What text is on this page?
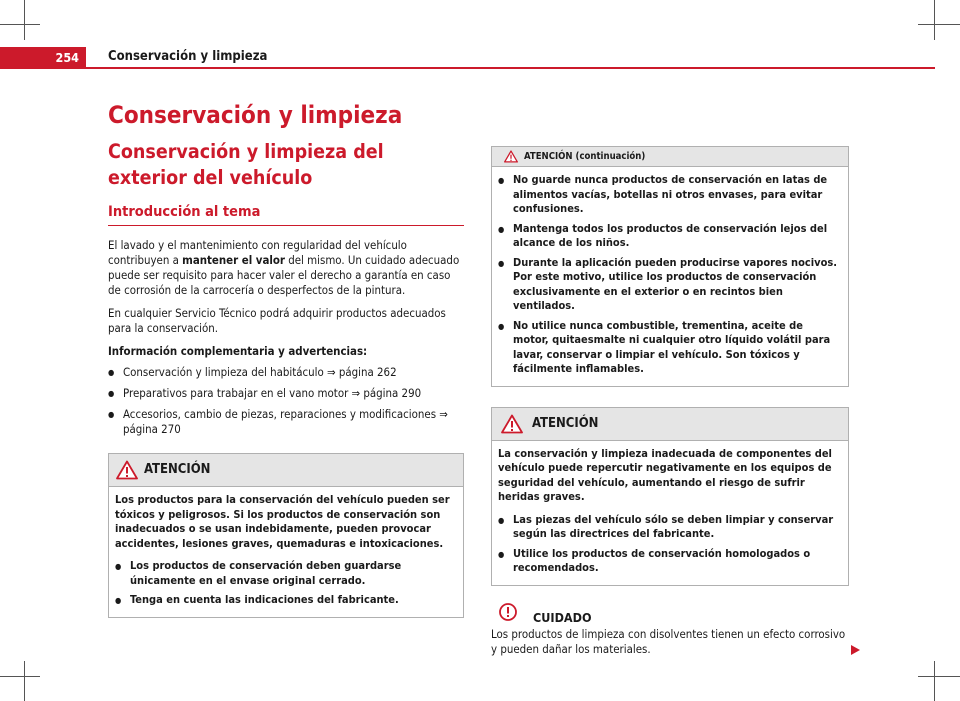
254	Conservación y limpieza
Conservación y limpieza
Conservación y limpieza del exterior del vehículo
Introducción al tema

El lavado y el mantenimiento con regularidad del vehículo contribuyen a mantener el valor del mismo. Un cuidado adecuado puede ser requisito para hacer valer el derecho a garantía en caso de corrosión de la carrocería o desperfectos de la pintura.

En cualquier Servicio Técnico podrá adquirir productos adecuados para la conservación.

Información complementaria y advertencias:

● Conservación y limpieza del habitáculo ⇒ página 262
● Preparativos para trabajar en el vano motor ⇒ página 290
● Accesorios, cambio de piezas, reparaciones y modificaciones ⇒ página 270
ATENCIÓN

Los productos para la conservación del vehículo pueden ser tóxicos y peligrosos. Si los productos de conservación son inadecuados o se usan indebidamente, pueden provocar accidentes, lesiones graves, quemaduras e intoxicaciones.

● Los productos de conservación deben guardarse únicamente en el envase original cerrado.
● Tenga en cuenta las indicaciones del fabricante.
ATENCIÓN (continuación)
● No guarde nunca productos de conservación en latas de alimentos vacías, botellas ni otros envases, para evitar confusiones.
● Mantenga todos los productos de conservación lejos del alcance de los niños.
● Durante la aplicación pueden producirse vapores nocivos. Por este motivo, utilice los productos de conservación exclusivamente en el exterior o en recintos bien ventilados.
● No utilice nunca combustible, trementina, aceite de motor, quitaesmalte ni cualquier otro líquido volátil para lavar, conservar o limpiar el vehículo. Son tóxicos y fácilmente inflamables.
ATENCIÓN

La conservación y limpieza inadecuada de componentes del vehículo puede repercutir negativamente en los equipos de seguridad del vehículo, aumentando el riesgo de sufrir heridas graves.

● Las piezas del vehículo sólo se deben limpiar y conservar según las directrices del fabricante.
● Utilice los productos de conservación homologados o recomendados.
CUIDADO

Los productos de limpieza con disolventes tienen un efecto corrosivo y pueden dañar los materiales.
